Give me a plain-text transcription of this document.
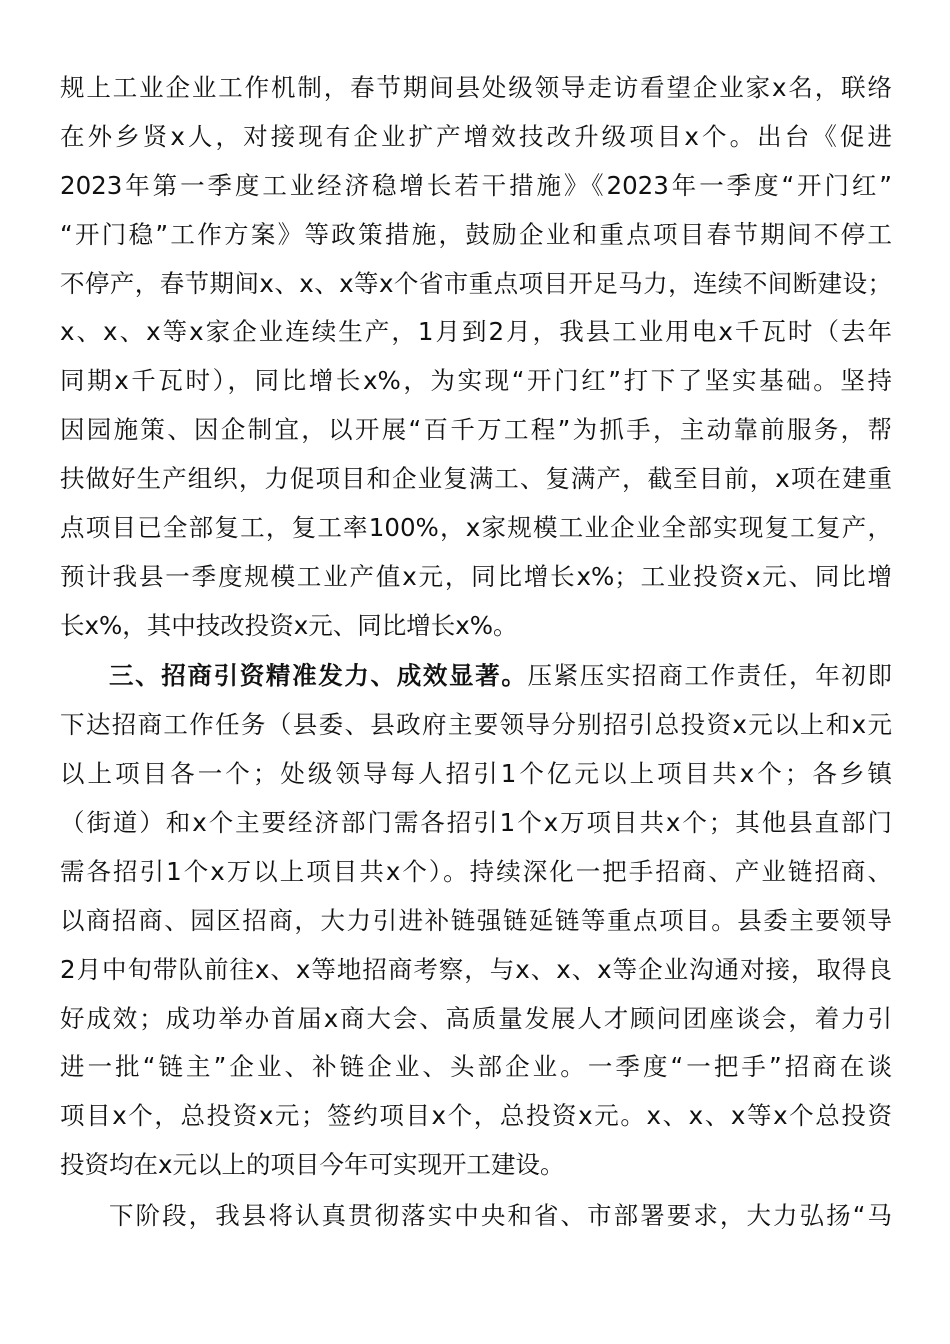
规上工业企业工作机制，春节期间县处级领导走访看望企业家x名，联络
在外乡贤x人，对接现有企业扩产增效技改升级项目x个。出台《促进
2023年第一季度工业经济稳增长若干措施》《2023年一季度“开门红”
“开门稳”工作方案》等政策措施，鼓励企业和重点项目春节期间不停工
不停产，春节期间x、x、x等x个省市重点项目开足马力，连续不间断建设；
x、x、x等x家企业连续生产，1月到2月，我县工业用电x千瓦时（去年
同期x千瓦时），同比增长x%，为实现“开门红”打下了坚实基础。坚持
因园施策、因企制宜，以开展“百千万工程”为抓手，主动靠前服务，帮
扶做好生产组织，力促项目和企业复满工、复满产，截至目前，x项在建重
点项目已全部复工，复工率100%，x家规模工业企业全部实现复工复产，
预计我县一季度规模工业产值x元，同比增长x%；工业投资x元、同比增
长x%，其中技改投资x元、同比增长x%。
三、招商引资精准发力、成效显著。压紧压实招商工作责任，年初即
下达招商工作任务（县委、县政府主要领导分别招引总投资x元以上和x元
以上项目各一个；处级领导每人招引1个亿元以上项目共x个；各乡镇
（街道）和x个主要经济部门需各招引1个x万项目共x个；其他县直部门
需各招引1个x万以上项目共x个）。持续深化一把手招商、产业链招商、
以商招商、园区招商，大力引进补链强链延链等重点项目。县委主要领导
2月中旬带队前往x、x等地招商考察，与x、x、x等企业沟通对接，取得良
好成效；成功举办首届x商大会、高质量发展人才顾问团座谈会，着力引
进一批“链主”企业、补链企业、头部企业。一季度“一把手”招商在谈
项目x个，总投资x元；签约项目x个，总投资x元。x、x、x等x个总投资
投资均在x元以上的项目今年可实现开工建设。
下阶段，我县将认真贯彻落实中央和省、市部署要求，大力弘扬“马
